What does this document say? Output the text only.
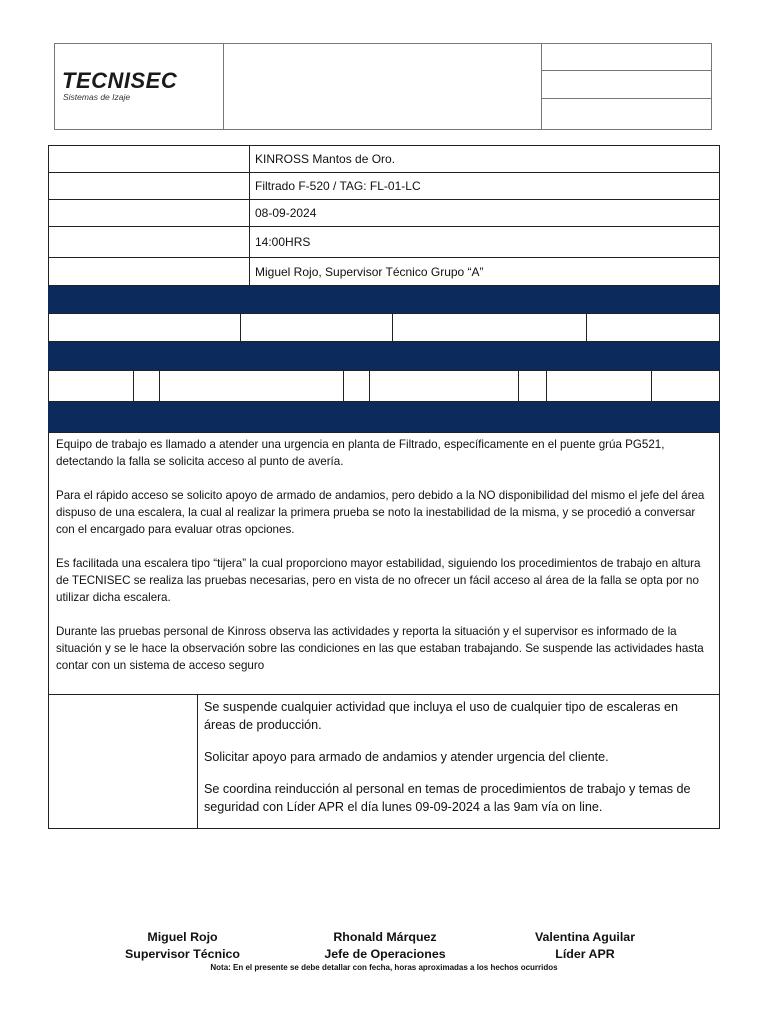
TECNISEC
Sistemas de Izaje
KINROSS Mantos de Oro.
Filtrado F-520 / TAG: FL-01-LC
08-09-2024
14:00HRS
Miguel Rojo, Supervisor Técnico Grupo “A”

Equipo de trabajo es llamado a atender una urgencia en planta de Filtrado, específicamente en el puente grúa PG521, detectando la falla se solicita acceso al punto de avería.

Para el rápido acceso se solicito apoyo de armado de andamios, pero debido a la NO disponibilidad del mismo el jefe del área dispuso de una escalera, la cual al realizar la primera prueba se noto la inestabilidad de la misma, y se procedió a conversar con el encargado para evaluar otras opciones.

Es facilitada una escalera tipo “tijera” la cual proporciono mayor estabilidad, siguiendo los procedimientos de trabajo en altura de TECNISEC se realiza las pruebas necesarias, pero en vista de no ofrecer un fácil acceso al área de la falla se opta por no utilizar dicha escalera.

Durante las pruebas personal de Kinross observa las actividades y reporta la situación y el supervisor es informado de la situación y se le hace la observación sobre las condiciones en las que estaban trabajando. Se suspende las actividades hasta contar con un sistema de acceso seguro

Se suspende cualquier actividad que incluya el uso de cualquier tipo de escaleras en áreas de producción.

Solicitar apoyo para armado de andamios y atender urgencia del cliente.

Se coordina reinducción al personal en temas de procedimientos de trabajo y temas de seguridad con Líder APR el día lunes 09-09-2024 a las 9am vía on line.

Miguel Rojo
Supervisor Técnico
Rhonald Márquez
Jefe de Operaciones
Valentina Aguilar
Líder APR
Nota: En el presente se debe detallar con fecha, horas aproximadas a los hechos ocurridos
